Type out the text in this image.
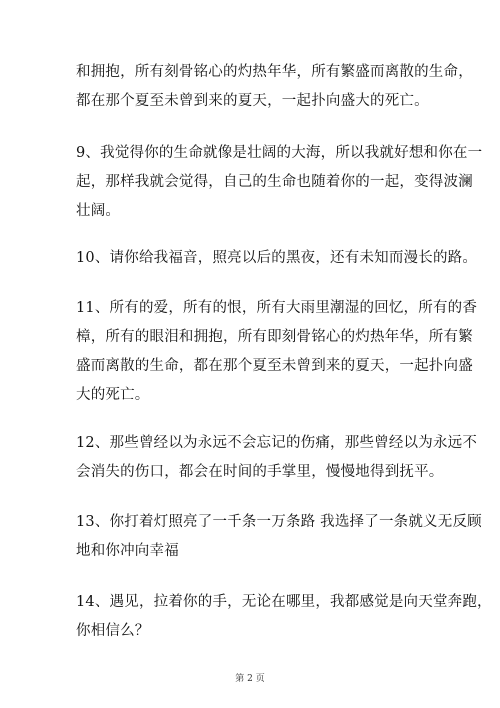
和拥抱，所有刻骨铭心的灼热年华，所有繁盛而离散的生命，
都在那个夏至未曾到来的夏天，一起扑向盛大的死亡。
9、我觉得你的生命就像是壮阔的大海，所以我就好想和你在一
起，那样我就会觉得，自己的生命也随着你的一起，变得波澜
壮阔。
10、请你给我福音，照亮以后的黑夜，还有未知而漫长的路。
11、所有的爱，所有的恨，所有大雨里潮湿的回忆，所有的香
樟，所有的眼泪和拥抱，所有即刻骨铭心的灼热年华，所有繁
盛而离散的生命，都在那个夏至未曾到来的夏天，一起扑向盛
大的死亡。
12、那些曾经以为永远不会忘记的伤痛，那些曾经以为永远不
会消失的伤口，都会在时间的手掌里，慢慢地得到抚平。
13、你打着灯照亮了一千条一万条路 我选择了一条就义无反顾
地和你冲向幸福
14、遇见，拉着你的手，无论在哪里，我都感觉是向天堂奔跑，
你相信么？
第 2 页
